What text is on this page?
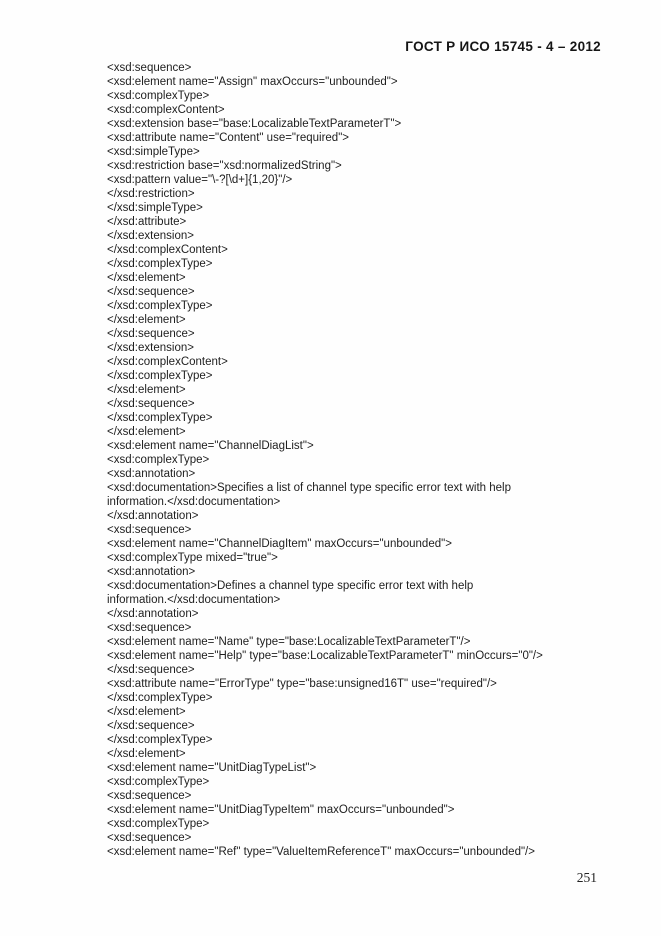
ГОСТ Р ИСО 15745 - 4 – 2012
<xsd:sequence>
<xsd:element name="Assign" maxOccurs="unbounded">
<xsd:complexType>
<xsd:complexContent>
<xsd:extension base="base:LocalizableTextParameterT">
<xsd:attribute name="Content" use="required">
<xsd:simpleType>
<xsd:restriction base="xsd:normalizedString">
<xsd:pattern value="\-?[\d+]{1,20}"/>
</xsd:restriction>
</xsd:simpleType>
</xsd:attribute>
</xsd:extension>
</xsd:complexContent>
</xsd:complexType>
</xsd:element>
</xsd:sequence>
</xsd:complexType>
</xsd:element>
</xsd:sequence>
</xsd:extension>
</xsd:complexContent>
</xsd:complexType>
</xsd:element>
</xsd:sequence>
</xsd:complexType>
</xsd:element>
<xsd:element name="ChannelDiagList">
<xsd:complexType>
<xsd:annotation>
<xsd:documentation>Specifies a list of channel type specific error text with help
information.</xsd:documentation>
</xsd:annotation>
<xsd:sequence>
<xsd:element name="ChannelDiagItem" maxOccurs="unbounded">
<xsd:complexType mixed="true">
<xsd:annotation>
<xsd:documentation>Defines a channel type specific error text with help
information.</xsd:documentation>
</xsd:annotation>
<xsd:sequence>
<xsd:element name="Name" type="base:LocalizableTextParameterT"/>
<xsd:element name="Help" type="base:LocalizableTextParameterT" minOccurs="0"/>
</xsd:sequence>
<xsd:attribute name="ErrorType" type="base:unsigned16T" use="required"/>
</xsd:complexType>
</xsd:element>
</xsd:sequence>
</xsd:complexType>
</xsd:element>
<xsd:element name="UnitDiagTypeList">
<xsd:complexType>
<xsd:sequence>
<xsd:element name="UnitDiagTypeItem" maxOccurs="unbounded">
<xsd:complexType>
<xsd:sequence>
<xsd:element name="Ref" type="ValueItemReferenceT" maxOccurs="unbounded"/>
251
